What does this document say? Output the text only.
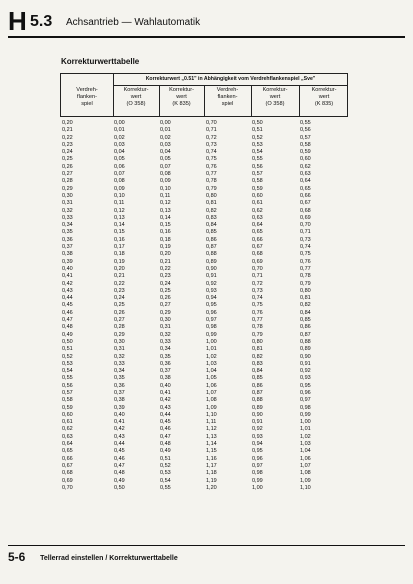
H 5.3 Achsantrieb — Wahlautomatik
Korrekturwerttabelle
Korrekturwert „0.51" in Abhängigkeit vom Verdrehflankenspiel „Sve"
Verdreh-
flanken-
spiel
Korrektur-
wert
(O 358)
Korrektur-
wert
(K 835)
Verdreh-
flanken-
spiel
Korrektur-
wert
(O 358)
Korrektur-
wert
(K 835)
0,20	0,00	0,00	0,70	0,50	0,55
0,21	0,01	0,01	0,71	0,51	0,56
0,22	0,02	0,02	0,72	0,52	0,57
0,23	0,03	0,03	0,73	0,53	0,58
0,24	0,04	0,04	0,74	0,54	0,59
0,25	0,05	0,05	0,75	0,55	0,60
0,26	0,06	0,07	0,76	0,56	0,62
0,27	0,07	0,08	0,77	0,57	0,63
0,28	0,08	0,09	0,78	0,58	0,64
0,29	0,09	0,10	0,79	0,59	0,65
0,30	0,10	0,11	0,80	0,60	0,66
0,31	0,11	0,12	0,81	0,61	0,67
0,32	0,12	0,13	0,82	0,62	0,68
0,33	0,13	0,14	0,83	0,63	0,69
0,34	0,14	0,15	0,84	0,64	0,70
0,35	0,15	0,16	0,85	0,65	0,71
0,36	0,16	0,18	0,86	0,66	0,73
0,37	0,17	0,19	0,87	0,67	0,74
0,38	0,18	0,20	0,88	0,68	0,75
0,39	0,19	0,21	0,89	0,69	0,76
0,40	0,20	0,22	0,90	0,70	0,77
0,41	0,21	0,23	0,91	0,71	0,78
0,42	0,22	0,24	0,92	0,72	0,79
0,43	0,23	0,25	0,93	0,73	0,80
0,44	0,24	0,26	0,94	0,74	0,81
0,45	0,25	0,27	0,95	0,75	0,82
0,46	0,26	0,29	0,96	0,76	0,84
0,47	0,27	0,30	0,97	0,77	0,85
0,48	0,28	0,31	0,98	0,78	0,86
0,49	0,29	0,32	0,99	0,79	0,87
0,50	0,30	0,33	1,00	0,80	0,88
0,51	0,31	0,34	1,01	0,81	0,89
0,52	0,32	0,35	1,02	0,82	0,90
0,53	0,33	0,36	1,03	0,83	0,91
0,54	0,34	0,37	1,04	0,84	0,92
0,55	0,35	0,38	1,05	0,85	0,93
0,56	0,36	0,40	1,06	0,86	0,95
0,57	0,37	0,41	1,07	0,87	0,96
0,58	0,38	0,42	1,08	0,88	0,97
0,59	0,39	0,43	1,09	0,89	0,98
0,60	0,40	0,44	1,10	0,90	0,99
0,61	0,41	0,45	1,11	0,91	1,00
0,62	0,42	0,46	1,12	0,92	1,01
0,63	0,43	0,47	1,13	0,93	1,02
0,64	0,44	0,48	1,14	0,94	1,03
0,65	0,45	0,49	1,15	0,95	1,04
0,66	0,46	0,51	1,16	0,96	1,06
0,67	0,47	0,52	1,17	0,97	1,07
0,68	0,48	0,53	1,18	0,98	1,08
0,69	0,49	0,54	1,19	0,99	1,09
0,70	0,50	0,55	1,20	1,00	1,10
5-6 Tellerrad einstellen / Korrekturwerttabelle
